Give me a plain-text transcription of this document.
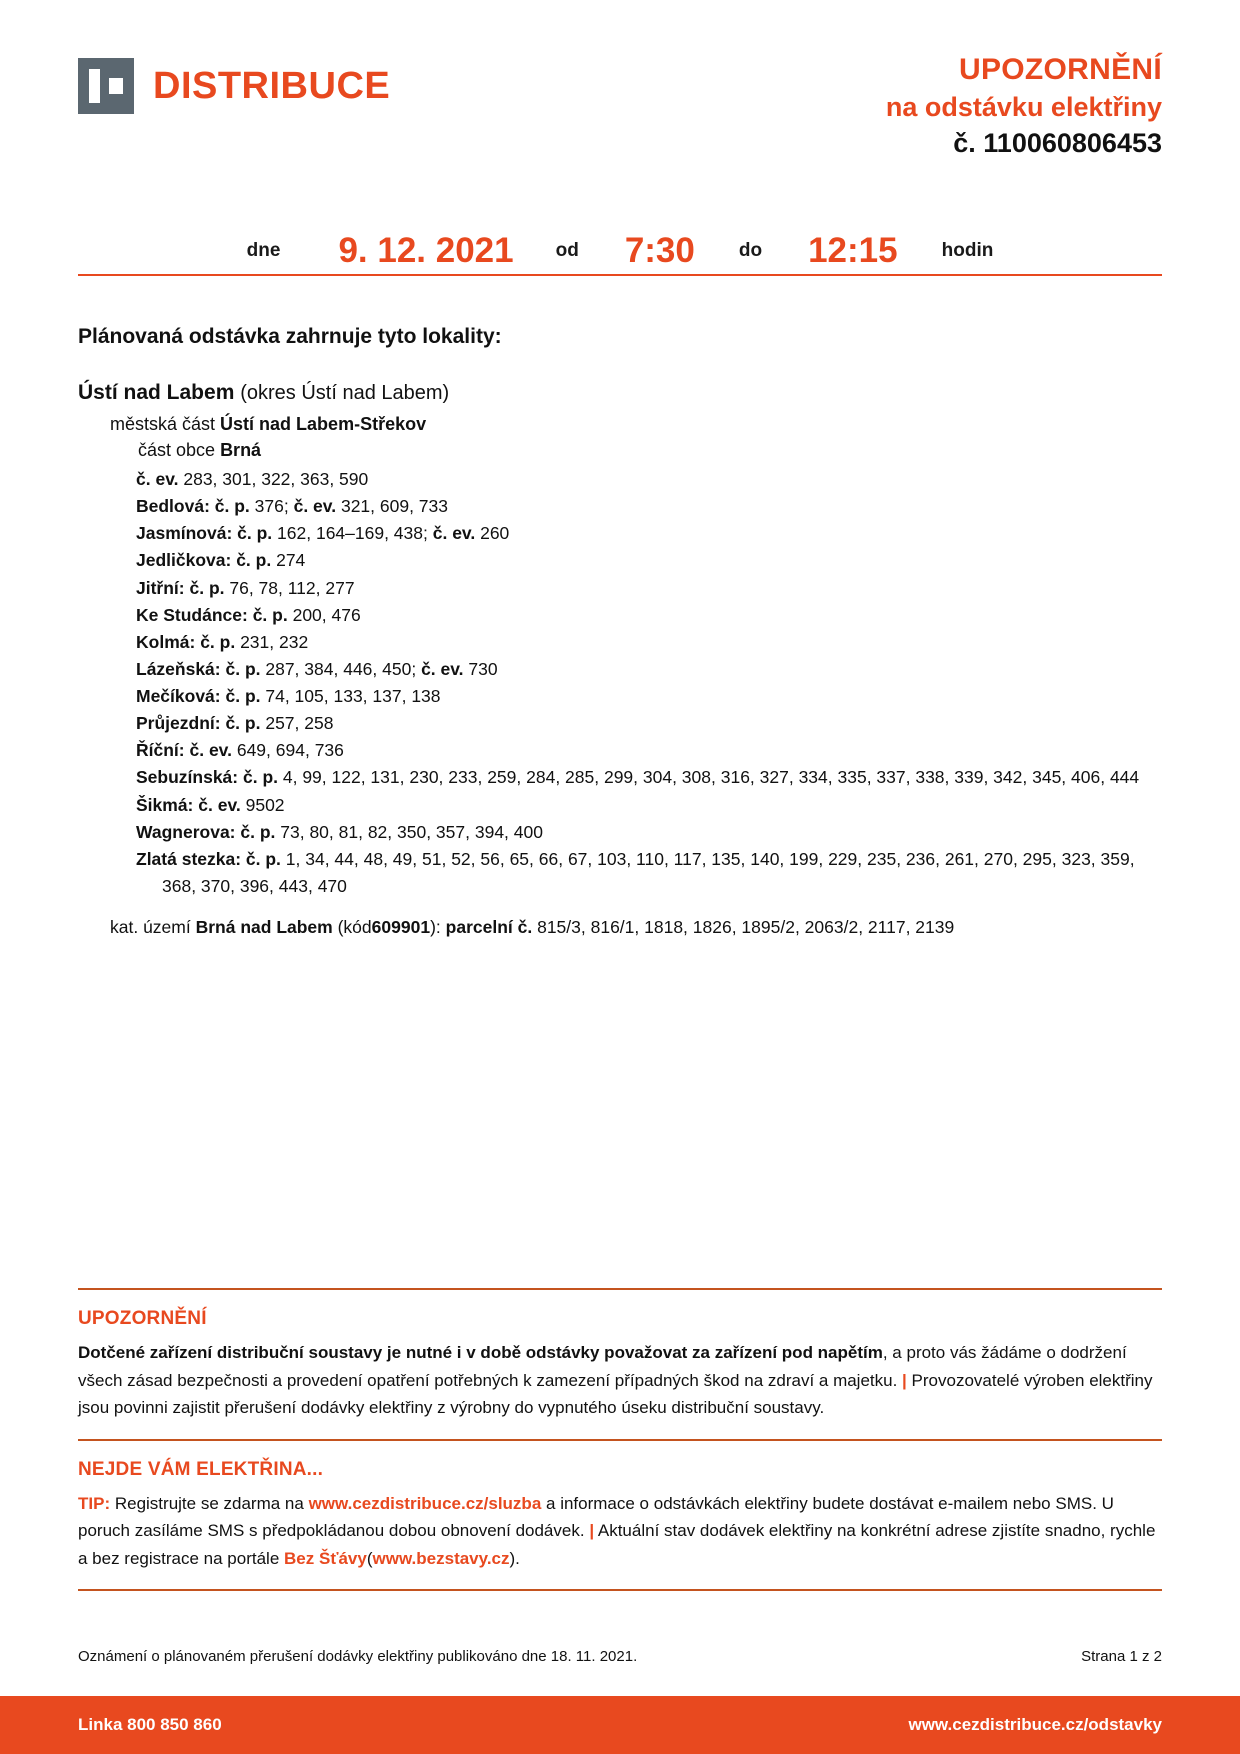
DISTRIBUCE	UPOZORNĚNÍ
na odstávku elektřiny
č. 110060806453
dne 9. 12. 2021 od 7:30 do 12:15 hodin
Plánovaná odstávka zahrnuje tyto lokality:
Ústí nad Labem (okres Ústí nad Labem)
městská část Ústí nad Labem-Střekov
část obce Brná
č. ev. 283, 301, 322, 363, 590
Bedlová: č. p. 376; č. ev. 321, 609, 733
Jasmínová: č. p. 162, 164–169, 438; č. ev. 260
Jedličkova: č. p. 274
Jitřní: č. p. 76, 78, 112, 277
Ke Studánce: č. p. 200, 476
Kolmá: č. p. 231, 232
Lázeňská: č. p. 287, 384, 446, 450; č. ev. 730
Mečíková: č. p. 74, 105, 133, 137, 138
Průjezdní: č. p. 257, 258
Říční: č. ev. 649, 694, 736
Sebuzínská: č. p. 4, 99, 122, 131, 230, 233, 259, 284, 285, 299, 304, 308, 316, 327, 334, 335, 337, 338, 339, 342, 345, 406, 444
Šikmá: č. ev. 9502
Wagnerova: č. p. 73, 80, 81, 82, 350, 357, 394, 400
Zlatá stezka: č. p. 1, 34, 44, 48, 49, 51, 52, 56, 65, 66, 67, 103, 110, 117, 135, 140, 199, 229, 235, 236, 261, 270, 295, 323, 359, 368, 370, 396, 443, 470
kat. území Brná nad Labem (kód609901): parcelní č. 815/3, 816/1, 1818, 1826, 1895/2, 2063/2, 2117, 2139
UPOZORNĚNÍ
Dotčené zařízení distribuční soustavy je nutné i v době odstávky považovat za zařízení pod napětím, a proto vás žádáme o dodržení všech zásad bezpečnosti a provedení opatření potřebných k zamezení případných škod na zdraví a majetku. | Provozovatelé výroben elektřiny jsou povinni zajistit přerušení dodávky elektřiny z výrobny do vypnutého úseku distribuční soustavy.
NEJDE VÁM ELEKTŘINA...
TIP: Registrujte se zdarma na www.cezdistribuce.cz/sluzba a informace o odstávkách elektřiny budete dostávat e-mailem nebo SMS. U poruch zasíláme SMS s předpokládanou dobou obnovení dodávek. | Aktuální stav dodávek elektřiny na konkrétní adrese zjistíte snadno, rychle a bez registrace na portále Bez Šťávy(www.bezstavy.cz).
Oznámení o plánovaném přerušení dodávky elektřiny publikováno dne 18. 11. 2021.	Strana 1 z 2
Linka 800 850 860	www.cezdistribuce.cz/odstavky
